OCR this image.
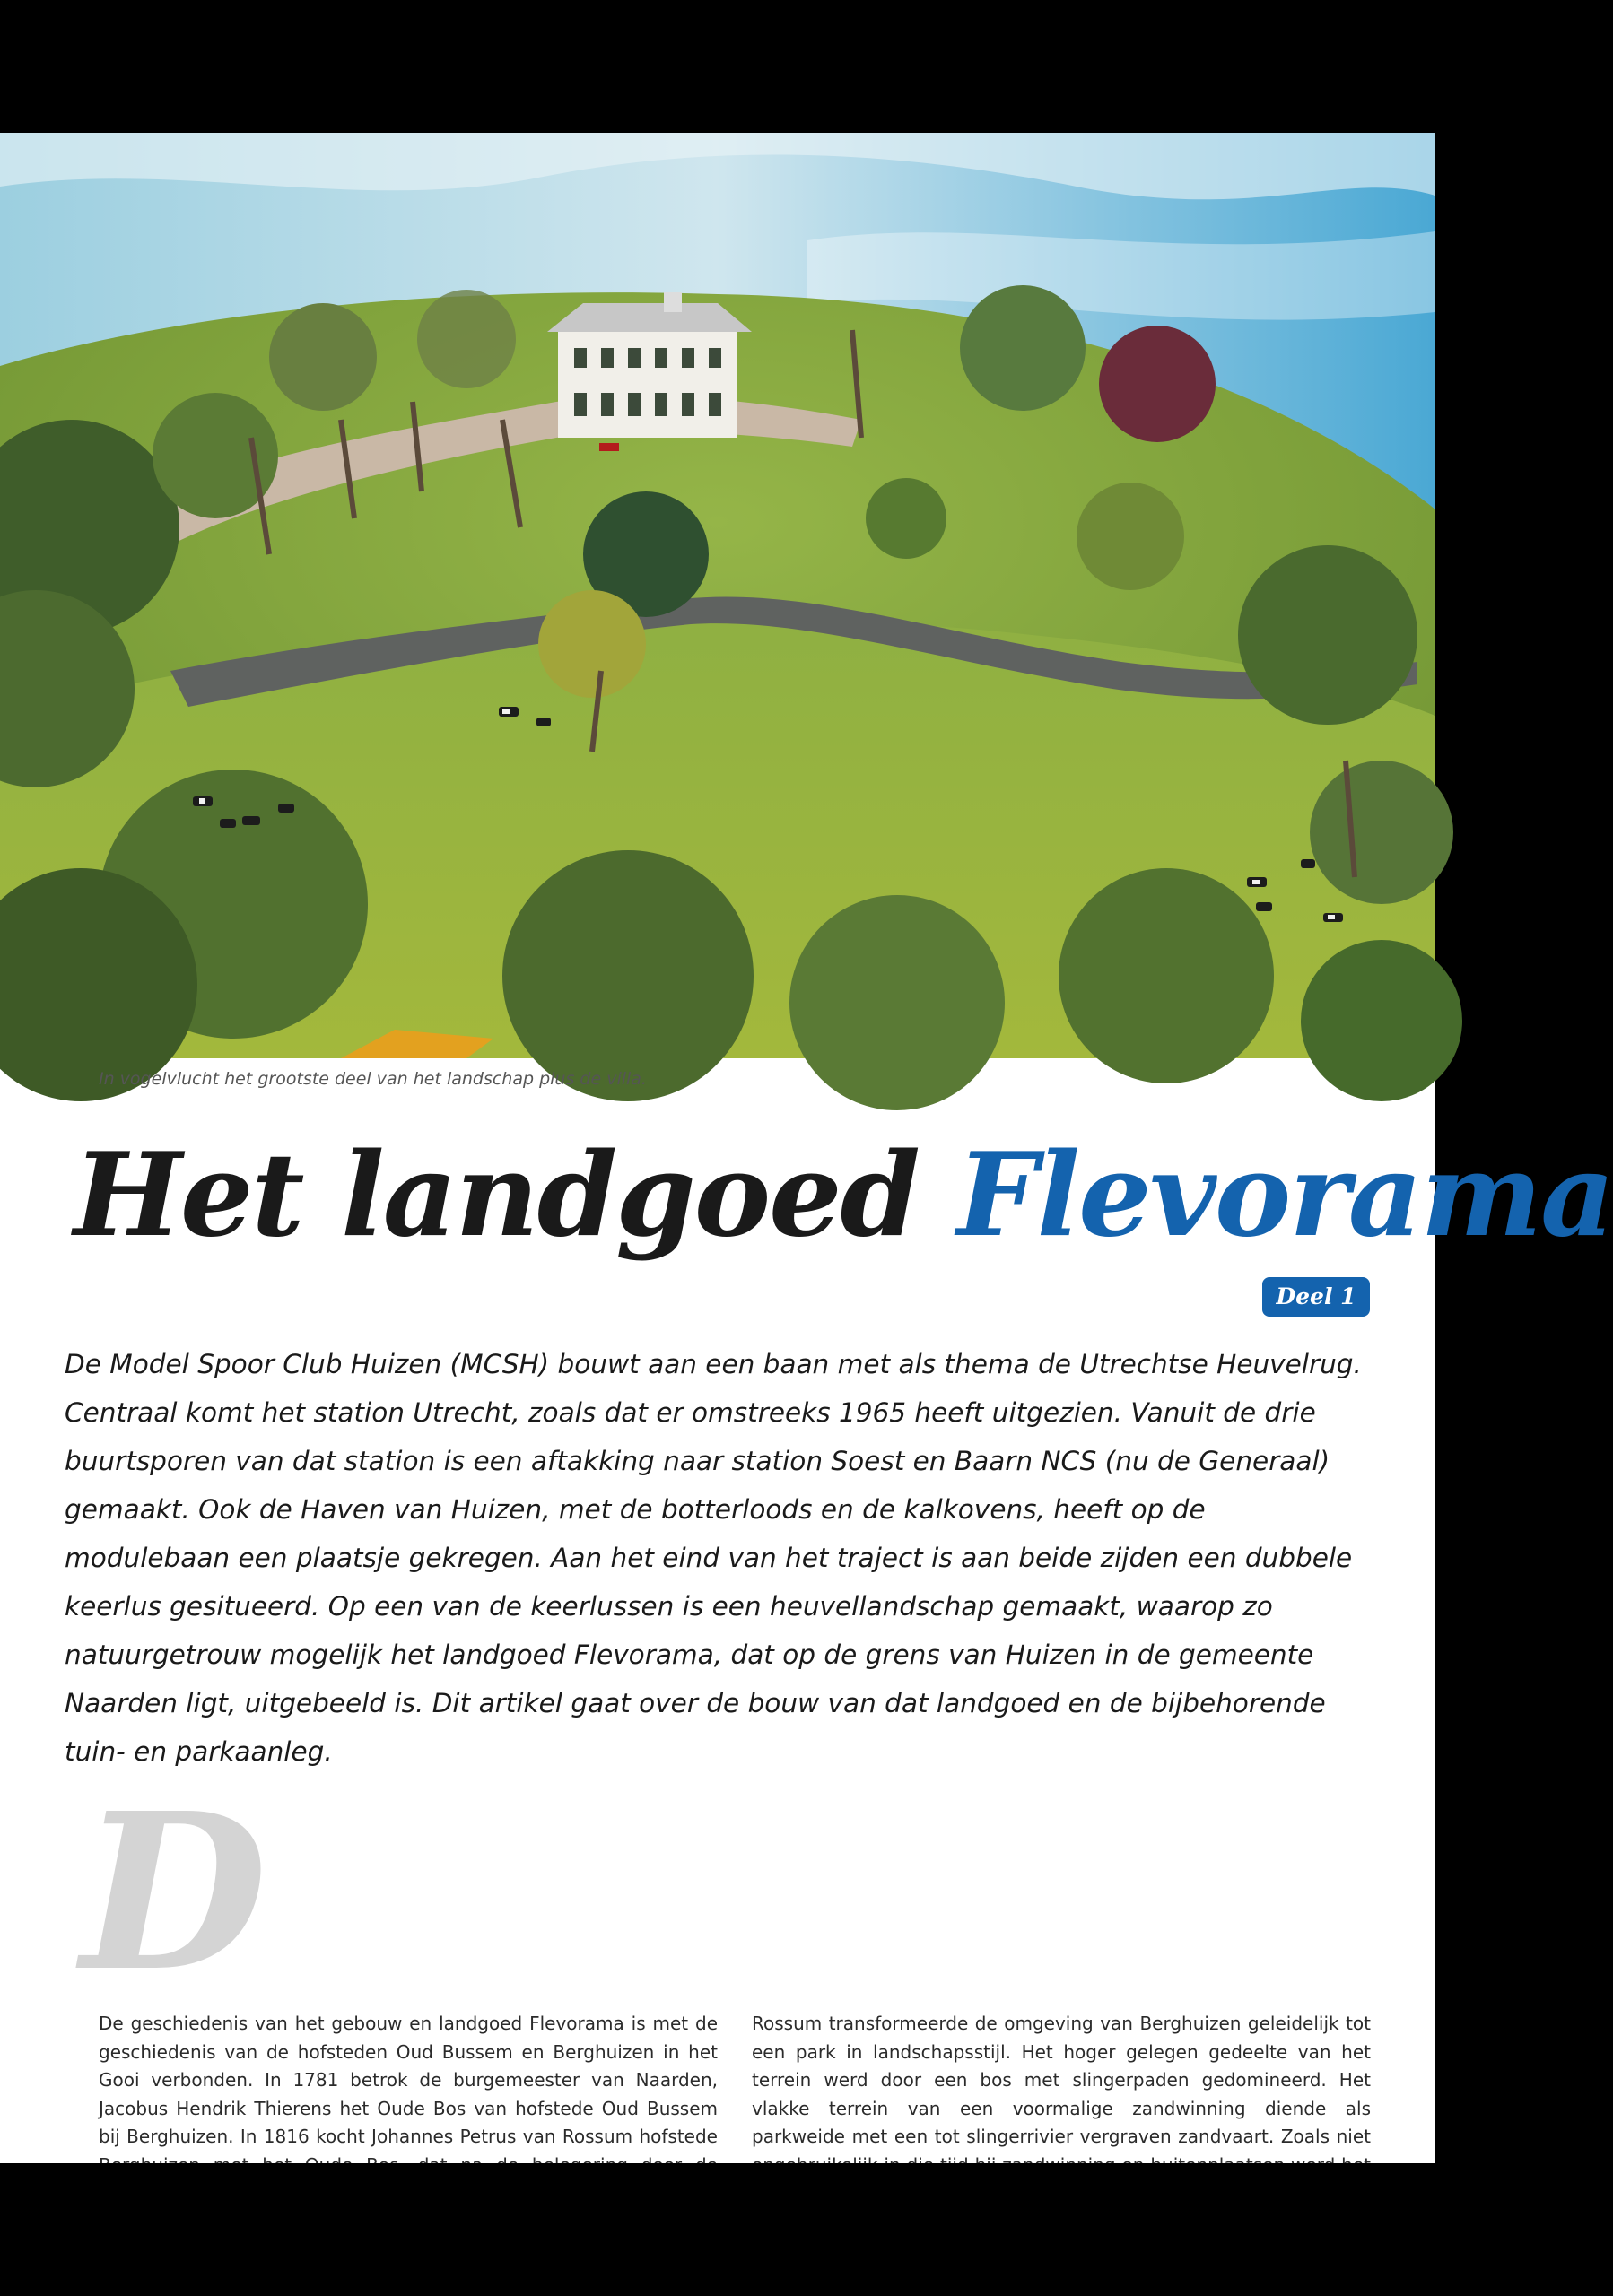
In vogelvlucht het grootste deel van het landschap plus de villa.
Het landgoed Flevorama
Deel 1

De Model Spoor Club Huizen (MCSH) bouwt aan een baan met als thema de Utrechtse Heuvelrug. Centraal komt het station Utrecht, zoals dat er omstreeks 1965 heeft uitgezien. Vanuit de drie buurtsporen van dat station is een aftakking naar station Soest en Baarn NCS (nu de Generaal) gemaakt. Ook de Haven van Huizen, met de botterloods en de kalkovens, heeft op de modulebaan een plaatsje gekregen. Aan het eind van het traject is aan beide zijden een dubbele keerlus gesitueerd. Op een van de keerlussen is een heuvellandschap gemaakt, waarop zo natuurgetrouw mogelijk het landgoed Flevorama, dat op de grens van Huizen in de gemeente Naarden ligt, uitgebeeld is. Dit artikel gaat over de bouw van dat landgoed en de bijbehorende tuin- en parkaanleg.

D

De geschiedenis van het gebouw en landgoed Flevorama is met de geschiedenis van de hofsteden Oud Bussem en Berghuizen in het Gooi verbonden. In 1781 betrok de burgemeester van Naarden, Jacobus Hendrik Thierens het Oude Bos van hofstede Oud Bussem bij Berghuizen. In 1816 kocht Johannes Petrus van Rossum hofstede

Rossum transformeerde de omgeving van Berghuizen geleidelijk tot een park in landschapsstijl. Het hoger gelegen gedeelte van het terrein werd door een bos met slingerpaden gedomineerd. Het vlakke terrein van een voormalige zandwinning diende als parkweide met een tot slingerrivier vergraven zandvaart. Zoals niet
